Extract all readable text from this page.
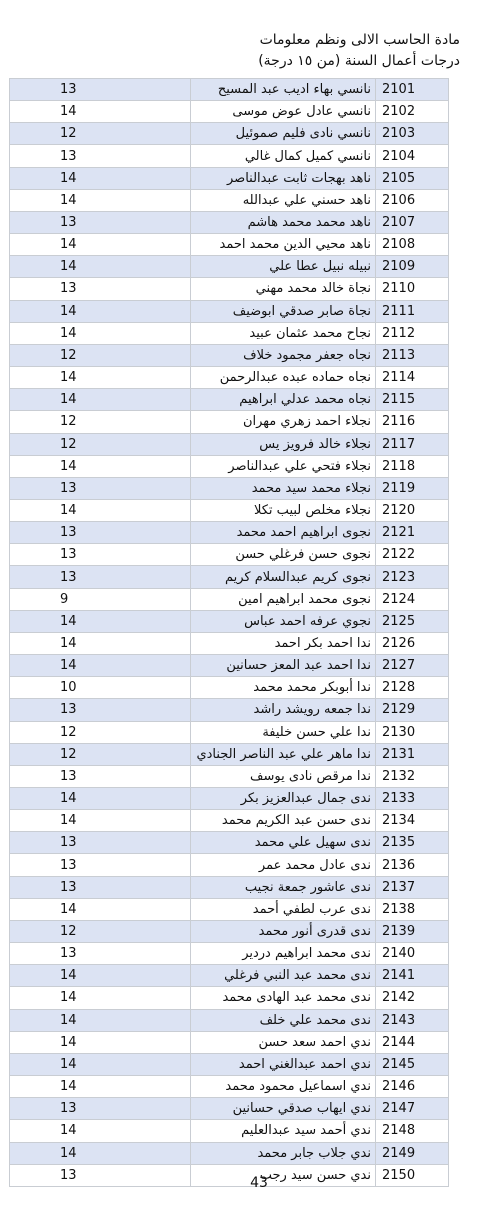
مادة الحاسب الالى ونظم معلومات
درجات أعمال السنة (من ١٥ درجة)
13	نانسي بهاء اديب عبد المسيح	2101
14	نانسي عادل عوض موسى	2102
12	نانسي نادى فليم صموئيل	2103
13	نانسي كميل كمال غالي	2104
14	ناهد بهجات ثابت عبدالناصر	2105
14	ناهد حسني علي عبدالله	2106
13	ناهد محمد محمد هاشم	2107
14	ناهد محيي الدين محمد احمد	2108
14	نبيله نبيل عطا علي	2109
13	نجاة خالد محمد مهني	2110
14	نجاة صابر صدقي ابوضيف	2111
14	نجاح محمد عثمان عبيد	2112
12	نجاه جعفر مجمود خلاف	2113
14	نجاه حماده عبده عبدالرحمن	2114
14	نجاه محمد عدلي ابراهيم	2115
12	نجلاء احمد زهري مهران	2116
12	نجلاء خالد فرويز يس	2117
14	نجلاء فتحي علي عبدالناصر	2118
13	نجلاء محمد سيد محمد	2119
14	نجلاء مخلص لبيب تكلا	2120
13	نجوى ابراهيم احمد محمد	2121
13	نجوى حسن فرغلي حسن	2122
13	نجوى كريم عبدالسلام كريم	2123
9	نجوى محمد ابراهيم امين	2124
14	نجوي عرفه احمد عباس	2125
14	ندا احمد بكر احمد	2126
14	ندا احمد عبد المعز حسانين	2127
10	ندا أبوبكر محمد محمد	2128
13	ندا جمعه رويشد راشد	2129
12	ندا علي حسن خليفة	2130
12	ندا ماهر علي عبد الناصر الجنادي	2131
13	ندا مرقص نادى يوسف	2132
14	ندى جمال عبدالعزيز بكر	2133
14	ندى حسن عبد الكريم محمد	2134
13	ندى سهيل علي محمد	2135
13	ندى عادل محمد عمر	2136
13	ندى عاشور جمعة نجيب	2137
14	ندى عرب لطفي أحمد	2138
12	ندى قدرى أنور محمد	2139
13	ندى محمد ابراهيم دردير	2140
14	ندى محمد عبد النبي فرغلي	2141
14	ندى محمد عبد الهادى محمد	2142
14	ندى محمد علي خلف	2143
14	ندي احمد سعد حسن	2144
14	ندي احمد عبدالغني احمد	2145
14	ندي اسماعيل محمود محمد	2146
13	ندي ايهاب صدقي حسانين	2147
14	ندي أحمد سيد عبدالعليم	2148
14	ندي جلاب جابر محمد	2149
13	ندي حسن سيد رجب	2150
43
